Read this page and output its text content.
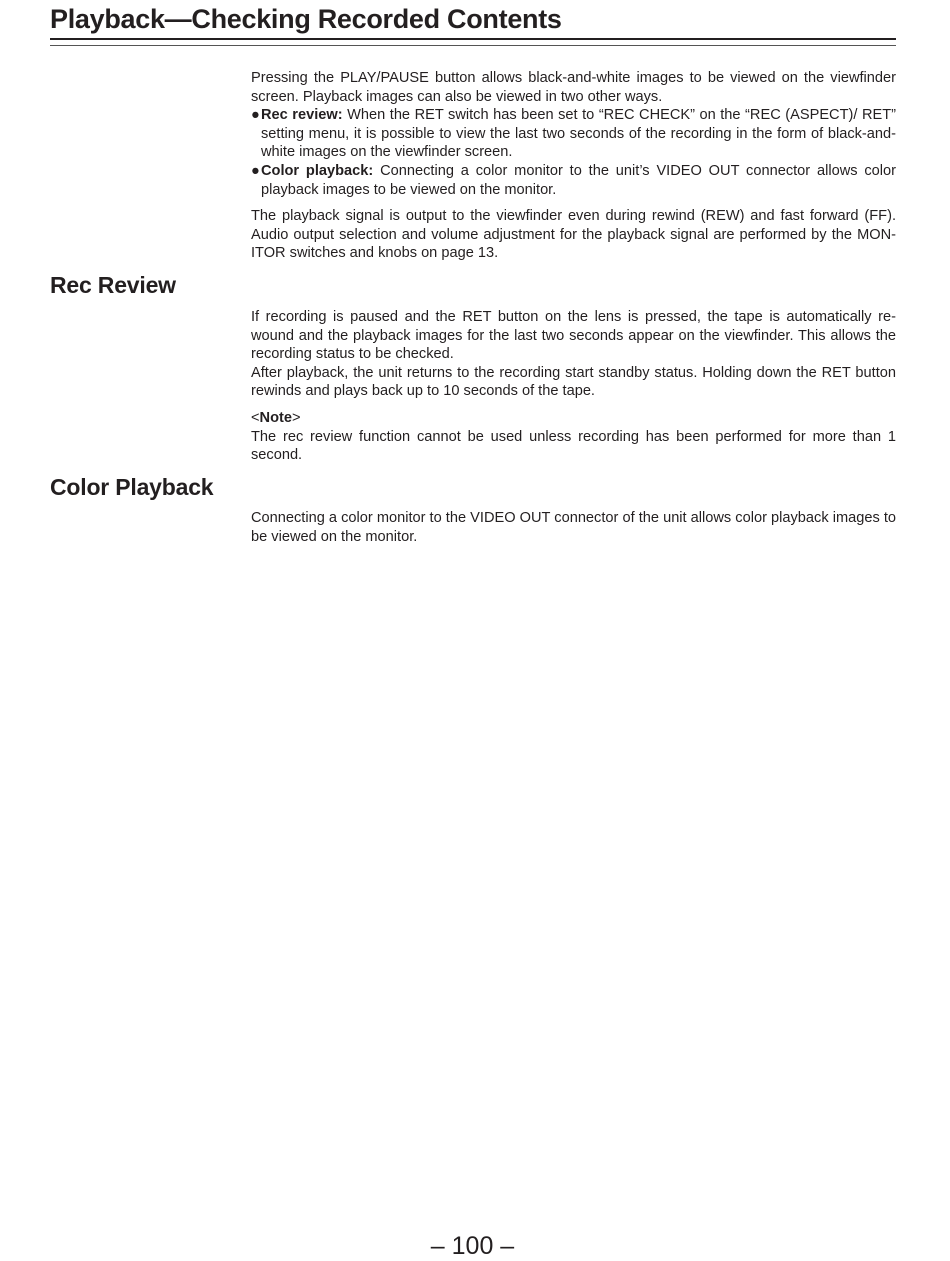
Playback—Checking Recorded Contents

Pressing the PLAY/PAUSE button allows black-and-white images to be viewed on the viewfinder screen. Playback images can also be viewed in two other ways.

● Rec review: When the RET switch has been set to “REC CHECK” on the “REC (ASPECT)/ RET” setting menu, it is possible to view the last two seconds of the recording in the form of black-and-white images on the viewfinder screen.
● Color playback: Connecting a color monitor to the unit’s VIDEO OUT connector allows color playback images to be viewed on the monitor.

The playback signal is output to the viewfinder even during rewind (REW) and fast forward (FF). Audio output selection and volume adjustment for the playback signal are performed by the MON- ITOR switches and knobs on page 13.

Rec Review

If recording is paused and the RET button on the lens is pressed, the tape is automatically re- wound and the playback images for the last two seconds appear on the viewfinder. This allows the recording status to be checked.

After playback, the unit returns to the recording start standby status. Holding down the RET button rewinds and plays back up to 10 seconds of the tape.

<Note>

The rec review function cannot be used unless recording has been performed for more than 1 second.

Color Playback

Connecting a color monitor to the VIDEO OUT connector of the unit allows color playback images to be viewed on the monitor.

– 100 –
